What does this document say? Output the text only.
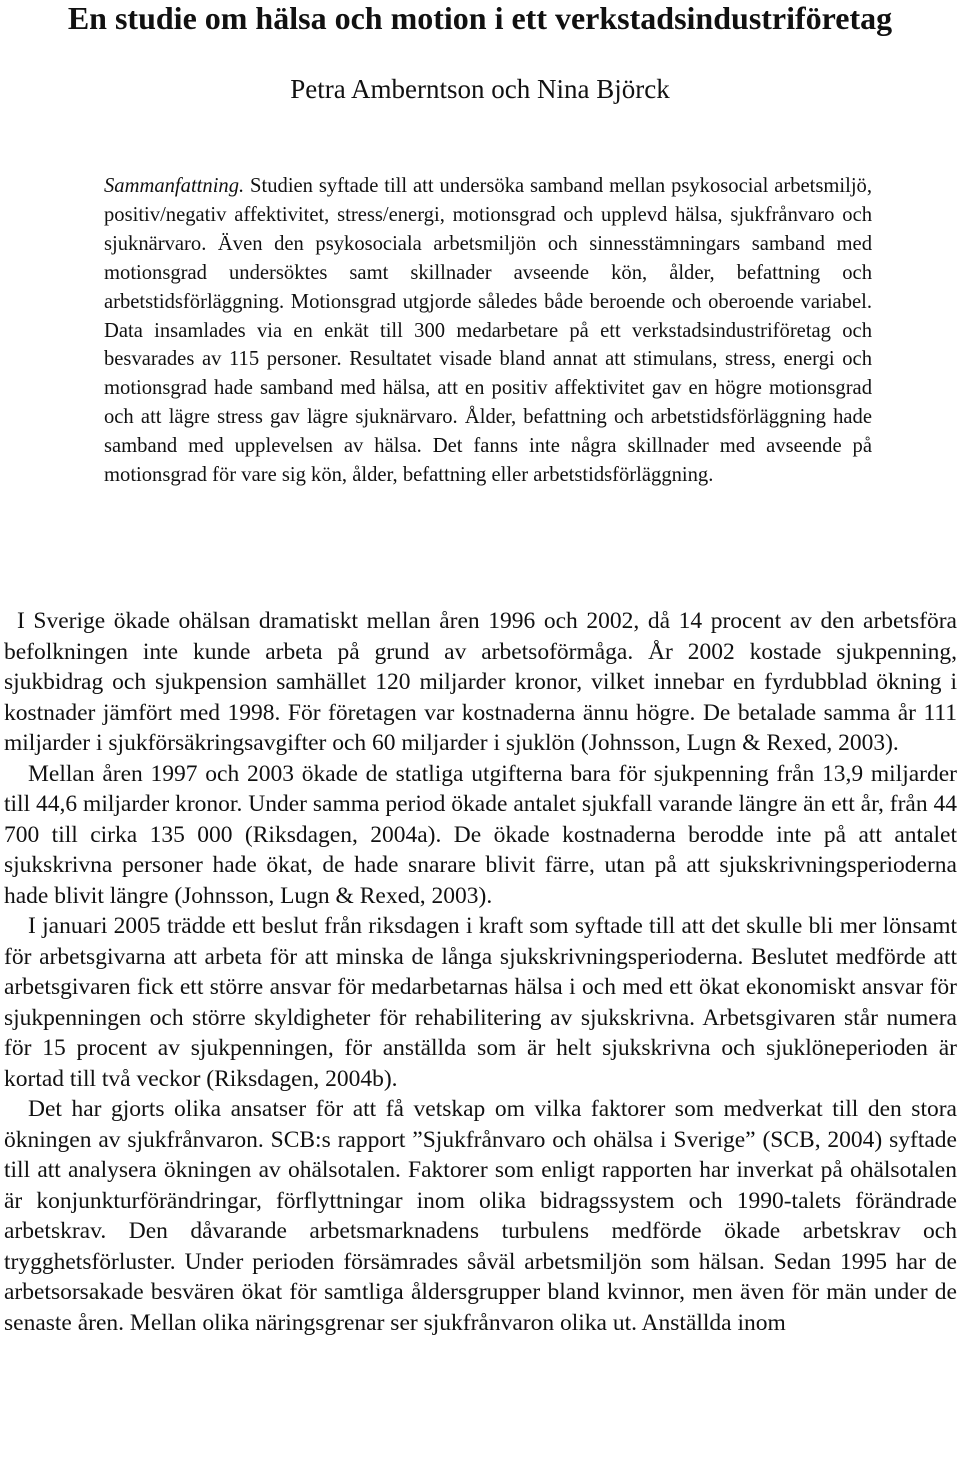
En studie om hälsa och motion i ett verkstadsindustriföretag
Petra Amberntson och Nina Björck

Sammanfattning. Studien syftade till att undersöka samband mellan psykosocial arbetsmiljö, positiv/negativ affektivitet, stress/energi, motionsgrad och upplevd hälsa, sjukfrånvaro och sjuknärvaro. Även den psykosociala arbetsmiljön och sinnesstämningars samband med motionsgrad undersöktes samt skillnader avseende kön, ålder, befattning och arbetstidsförläggning. Motionsgrad utgjorde således både beroende och oberoende variabel. Data insamlades via en enkät till 300 medarbetare på ett verkstadsindustriföretag och besvarades av 115 personer. Resultatet visade bland annat att stimulans, stress, energi och motionsgrad hade samband med hälsa, att en positiv affektivitet gav en högre motionsgrad och att lägre stress gav lägre sjuknärvaro. Ålder, befattning och arbetstidsförläggning hade samband med upplevelsen av hälsa. Det fanns inte några skillnader med avseende på motionsgrad för vare sig kön, ålder, befattning eller arbetstidsförläggning.

I Sverige ökade ohälsan dramatiskt mellan åren 1996 och 2002, då 14 procent av den arbetsföra befolkningen inte kunde arbeta på grund av arbetsoförmåga. År 2002 kostade sjukpenning, sjukbidrag och sjukpension samhället 120 miljarder kronor, vilket innebar en fyrdubblad ökning i kostnader jämfört med 1998. För företagen var kostnaderna ännu högre. De betalade samma år 111 miljarder i sjukförsäkringsavgifter och 60 miljarder i sjuklön (Johnsson, Lugn & Rexed, 2003).

Mellan åren 1997 och 2003 ökade de statliga utgifterna bara för sjukpenning från 13,9 miljarder till 44,6 miljarder kronor. Under samma period ökade antalet sjukfall varande längre än ett år, från 44 700 till cirka 135 000 (Riksdagen, 2004a). De ökade kostnaderna berodde inte på att antalet sjukskrivna personer hade ökat, de hade snarare blivit färre, utan på att sjukskrivningsperioderna hade blivit längre (Johnsson, Lugn & Rexed, 2003).

I januari 2005 trädde ett beslut från riksdagen i kraft som syftade till att det skulle bli mer lönsamt för arbetsgivarna att arbeta för att minska de långa sjukskrivningsperioderna. Beslutet medförde att arbetsgivaren fick ett större ansvar för medarbetarnas hälsa i och med ett ökat ekonomiskt ansvar för sjukpenningen och större skyldigheter för rehabilitering av sjukskrivna. Arbetsgivaren står numera för 15 procent av sjukpenningen, för anställda som är helt sjukskrivna och sjuklöneperioden är kortad till två veckor (Riksdagen, 2004b).

Det har gjorts olika ansatser för att få vetskap om vilka faktorer som medverkat till den stora ökningen av sjukfrånvaron. SCB:s rapport ”Sjukfrånvaro och ohälsa i Sverige” (SCB, 2004) syftade till att analysera ökningen av ohälsotalen. Faktorer som enligt rapporten har inverkat på ohälsotalen är konjunkturförändringar, förflyttningar inom olika bidragssystem och 1990-talets förändrade arbetskrav. Den dåvarande arbetsmarknadens turbulens medförde ökade arbetskrav och trygghetsförluster. Under perioden försämrades såväl arbetsmiljön som hälsan. Sedan 1995 har de arbetsorsakade besvären ökat för samtliga åldersgrupper bland kvinnor, men även för män under de senaste åren. Mellan olika näringsgrenar ser sjukfrånvaron olika ut. Anställda inom
